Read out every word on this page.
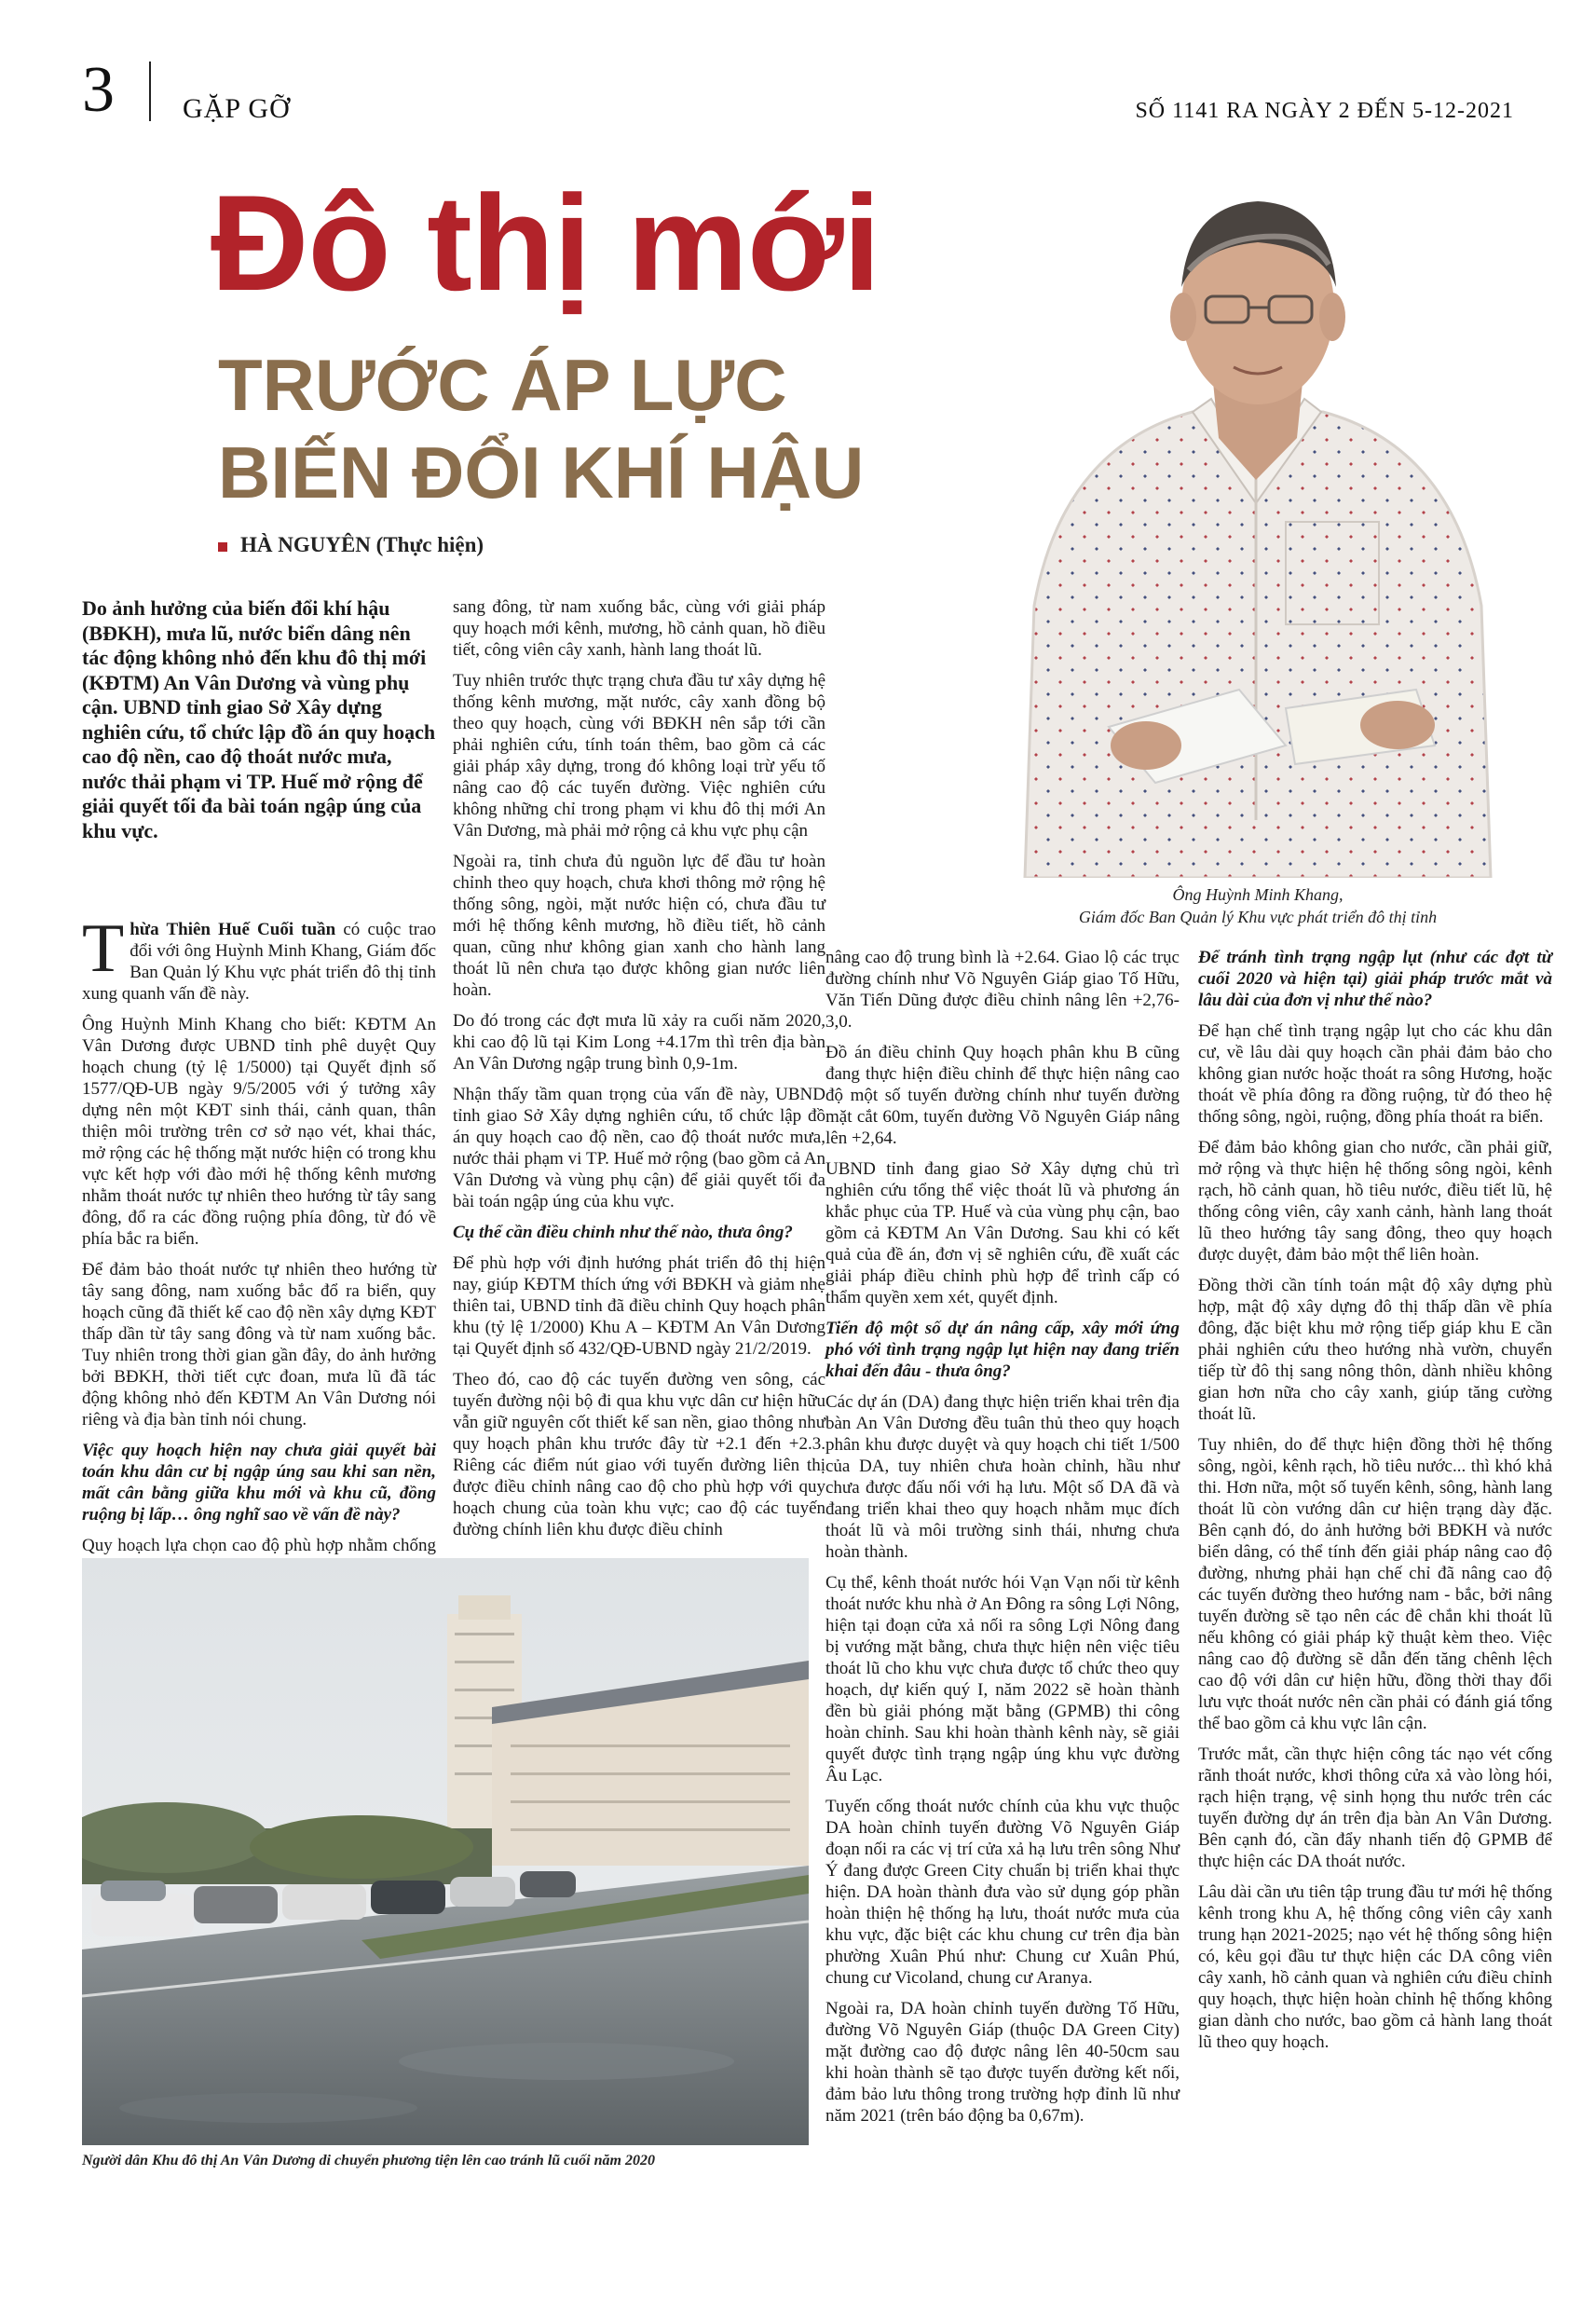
3 GẶP GỠ	SỐ 1141 RA NGÀY 2 ĐẾN 5-12-2021
Đô thị mới
TRƯỚC ÁP LỰC
BIẾN ĐỔI KHÍ HẬU
HÀ NGUYÊN (Thực hiện)
Ông Huỳnh Minh Khang,
Giám đốc Ban Quản lý Khu vực phát triển đô thị tỉnh
Do ảnh hưởng của biến đổi khí hậu (BĐKH), mưa lũ, nước biển dâng nên tác động không nhỏ đến khu đô thị mới (KĐTM) An Vân Dương và vùng phụ cận. UBND tỉnh giao Sở Xây dựng nghiên cứu, tổ chức lập đồ án quy hoạch cao độ nền, cao độ thoát nước mưa, nước thải phạm vi TP. Huế mở rộng để giải quyết tối đa bài toán ngập úng của khu vực.

Thừa Thiên Huế Cuối tuần có cuộc trao đổi với ông Huỳnh Minh Khang, Giám đốc Ban Quản lý Khu vực phát triển đô thị tỉnh xung quanh vấn đề này.

Ông Huỳnh Minh Khang cho biết: KĐTM An Vân Dương được UBND tỉnh phê duyệt Quy hoạch chung (tỷ lệ 1/5000) tại Quyết định số 1577/QĐ-UB ngày 9/5/2005 với ý tưởng xây dựng nên một KĐT sinh thái, cảnh quan, thân thiện môi trường trên cơ sở nạo vét, khai thác, mở rộng các hệ thống mặt nước hiện có trong khu vực kết hợp với đào mới hệ thống kênh mương nhằm thoát nước tự nhiên theo hướng từ tây sang đông, đổ ra các đồng ruộng phía đông, từ đó về phía bắc ra biển.

Để đảm bảo thoát nước tự nhiên theo hướng từ tây sang đông, nam xuống bắc đổ ra biển, quy hoạch cũng đã thiết kế cao độ nền xây dựng KĐT thấp dần từ tây sang đông và từ nam xuống bắc. Tuy nhiên trong thời gian gần đây, do ảnh hưởng bởi BĐKH, thời tiết cực đoan, mưa lũ đã tác động không nhỏ đến KĐTM An Vân Dương nói riêng và địa bàn tỉnh nói chung.

Việc quy hoạch hiện nay chưa giải quyết bài toán khu dân cư bị ngập úng sau khi san nền, mất cân bằng giữa khu mới và khu cũ, đồng ruộng bị lấp… ông nghĩ sao về vấn đề này?

Quy hoạch lựa chọn cao độ phù hợp nhằm chống

sang đông, từ nam xuống bắc, cùng với giải pháp quy hoạch mới kênh, mương, hồ cảnh quan, hồ điều tiết, công viên cây xanh, hành lang thoát lũ.

Tuy nhiên trước thực trạng chưa đầu tư xây dựng hệ thống kênh mương, mặt nước, cây xanh đồng bộ theo quy hoạch, cùng với BĐKH nên sắp tới cần phải nghiên cứu, tính toán thêm, bao gồm cả các giải pháp xây dựng, trong đó không loại trừ yếu tố nâng cao độ các tuyến đường. Việc nghiên cứu không những chỉ trong phạm vi khu đô thị mới An Vân Dương, mà phải mở rộng cả khu vực phụ cận

Ngoài ra, tỉnh chưa đủ nguồn lực để đầu tư hoàn chỉnh theo quy hoạch, chưa khơi thông mở rộng hệ thống sông, ngòi, mặt nước hiện có, chưa đầu tư mới hệ thống kênh mương, hồ điều tiết, hồ cảnh quan, cũng như không gian xanh cho hành lang thoát lũ nên chưa tạo được không gian nước liên hoàn.

Do đó trong các đợt mưa lũ xảy ra cuối năm 2020, khi cao độ lũ tại Kim Long +4.17m thì trên địa bàn An Vân Dương ngập trung bình 0,9-1m.

Nhận thấy tầm quan trọng của vấn đề này, UBND tỉnh giao Sở Xây dựng nghiên cứu, tổ chức lập đồ án quy hoạch cao độ nền, cao độ thoát nước mưa, nước thải phạm vi TP. Huế mở rộng (bao gồm cả An Vân Dương và vùng phụ cận) để giải quyết tối đa bài toán ngập úng của khu vực.

Cụ thể cần điều chỉnh như thế nào, thưa ông?

Để phù hợp với định hướng phát triển đô thị hiện nay, giúp KĐTM thích ứng với BĐKH và giảm nhẹ thiên tai, UBND tỉnh đã điều chỉnh Quy hoạch phân khu (tỷ lệ 1/2000) Khu A – KĐTM An Vân Dương tại Quyết định số 432/QĐ-UBND ngày 21/2/2019.

Theo đó, cao độ các tuyến đường ven sông, các tuyến đường nội bộ đi qua khu vực dân cư hiện hữu vẫn giữ nguyên cốt thiết kế san nền, giao thông như quy hoạch phân khu trước đây từ +2.1 đến +2.3. Riêng các điểm nút giao với tuyến đường liên thị được điều chỉnh nâng cao độ cho phù hợp với quy hoạch chung của toàn khu vực; cao độ các tuyến đường chính liên khu được điều chỉnh

nâng cao độ trung bình là +2.64. Giao lộ các trục đường chính như Võ Nguyên Giáp giao Tố Hữu, Văn Tiến Dũng được điều chỉnh nâng lên +2,76- 3,0.

Đồ án điều chỉnh Quy hoạch phân khu B cũng đang thực hiện điều chỉnh để thực hiện nâng cao độ một số tuyến đường chính như tuyến đường mặt cắt 60m, tuyến đường Võ Nguyên Giáp nâng lên +2,64.

UBND tỉnh đang giao Sở Xây dựng chủ trì nghiên cứu tổng thể việc thoát lũ và phương án khắc phục của TP. Huế và của vùng phụ cận, bao gồm cả KĐTM An Vân Dương. Sau khi có kết quả của đề án, đơn vị sẽ nghiên cứu, đề xuất các giải pháp điều chỉnh phù hợp để trình cấp có thẩm quyền xem xét, quyết định.

Tiến độ một số dự án nâng cấp, xây mới ứng phó với tình trạng ngập lụt hiện nay đang triển khai đến đâu - thưa ông?

Các dự án (DA) đang thực hiện triển khai trên địa bàn An Vân Dương đều tuân thủ theo quy hoạch phân khu được duyệt và quy hoạch chi tiết 1/500 của DA, tuy nhiên chưa hoàn chỉnh, hầu như chưa được đấu nối với hạ lưu. Một số DA đã và đang triển khai theo quy hoạch nhằm mục đích thoát lũ và môi trường sinh thái, nhưng chưa hoàn thành.

Cụ thể, kênh thoát nước hói Vạn Vạn nối từ kênh thoát nước khu nhà ở An Đông ra sông Lợi Nông, hiện tại đoạn cửa xả nối ra sông Lợi Nông đang bị vướng mặt bằng, chưa thực hiện nên việc tiêu thoát lũ cho khu vực chưa được tổ chức theo quy hoạch, dự kiến quý I, năm 2022 sẽ hoàn thành đền bù giải phóng mặt bằng (GPMB) thi công hoàn chỉnh. Sau khi hoàn thành kênh này, sẽ giải quyết được tình trạng ngập úng khu vực đường Âu Lạc.

Tuyến cống thoát nước chính của khu vực thuộc DA hoàn chỉnh tuyến đường Võ Nguyên Giáp đoạn nối ra các vị trí cửa xả hạ lưu trên sông Như Ý đang được Green City chuẩn bị triển khai thực hiện. DA hoàn thành đưa vào sử dụng góp phần hoàn thiện hệ thống hạ lưu, thoát nước mưa của khu vực, đặc biệt các khu chung cư trên địa bàn phường Xuân Phú như: Chung cư Xuân Phú, chung cư Vicoland, chung cư Aranya.

Ngoài ra, DA hoàn chỉnh tuyến đường Tố Hữu, đường Võ Nguyên Giáp (thuộc DA Green City) mặt đường cao độ được nâng lên 40-50cm sau khi hoàn thành sẽ tạo được tuyến đường kết nối, đảm bảo lưu thông trong trường hợp đỉnh lũ như năm 2021 (trên báo động ba 0,67m).

Để tránh tình trạng ngập lụt (như các đợt từ cuối 2020 và hiện tại) giải pháp trước mắt và lâu dài của đơn vị như thế nào?

Để hạn chế tình trạng ngập lụt cho các khu dân cư, về lâu dài quy hoạch cần phải đảm bảo cho không gian nước hoặc thoát ra sông Hương, hoặc thoát về phía đông ra đồng ruộng, từ đó theo hệ thống sông, ngòi, ruộng, đồng phía thoát ra biển.

Để đảm bảo không gian cho nước, cần phải giữ, mở rộng và thực hiện hệ thống sông ngòi, kênh rạch, hồ cảnh quan, hồ tiêu nước, điều tiết lũ, hệ thống công viên, cây xanh cảnh, hành lang thoát lũ theo hướng tây sang đông, theo quy hoạch được duyệt, đảm bảo một thể liên hoàn.

Đồng thời cần tính toán mật độ xây dựng phù hợp, mật độ xây dựng đô thị thấp dần về phía đông, đặc biệt khu mở rộng tiếp giáp khu E cần phải nghiên cứu theo hướng nhà vườn, chuyển tiếp từ đô thị sang nông thôn, dành nhiều không gian hơn nữa cho cây xanh, giúp tăng cường thoát lũ.

Tuy nhiên, do để thực hiện đồng thời hệ thống sông, ngòi, kênh rạch, hồ tiêu nước... thì khó khả thi. Hơn nữa, một số tuyến kênh, sông, hành lang thoát lũ còn vướng dân cư hiện trạng dày đặc. Bên cạnh đó, do ảnh hưởng bởi BĐKH và nước biển dâng, có thể tính đến giải pháp nâng cao độ đường, nhưng phải hạn chế chỉ đã nâng cao độ các tuyến đường theo hướng nam - bắc, bởi nâng tuyến đường sẽ tạo nên các đê chắn khi thoát lũ nếu không có giải pháp kỹ thuật kèm theo. Việc nâng cao độ đường sẽ dẫn đến tăng chênh lệch cao độ với dân cư hiện hữu, đồng thời thay đổi lưu vực thoát nước nên cần phải có đánh giá tổng thể bao gồm cả khu vực lân cận.

Trước mắt, cần thực hiện công tác nạo vét cống rãnh thoát nước, khơi thông cửa xả vào lòng hói, rạch hiện trạng, vệ sinh họng thu nước trên các tuyến đường dự án trên địa bàn An Vân Dương. Bên cạnh đó, cần đẩy nhanh tiến độ GPMB để thực hiện các DA thoát nước.

Lâu dài cần ưu tiên tập trung đầu tư mới hệ thống kênh trong khu A, hệ thống công viên cây xanh trung hạn 2021-2025; nạo vét hệ thống sông hiện có, kêu gọi đầu tư thực hiện các DA công viên cây xanh, hồ cảnh quan và nghiên cứu điều chỉnh quy hoạch, thực hiện hoàn chỉnh hệ thống không gian dành cho nước, bao gồm cả hành lang thoát lũ theo quy hoạch.

Người dân Khu đô thị An Vân Dương di chuyển phương tiện lên cao tránh lũ cuối năm 2020
